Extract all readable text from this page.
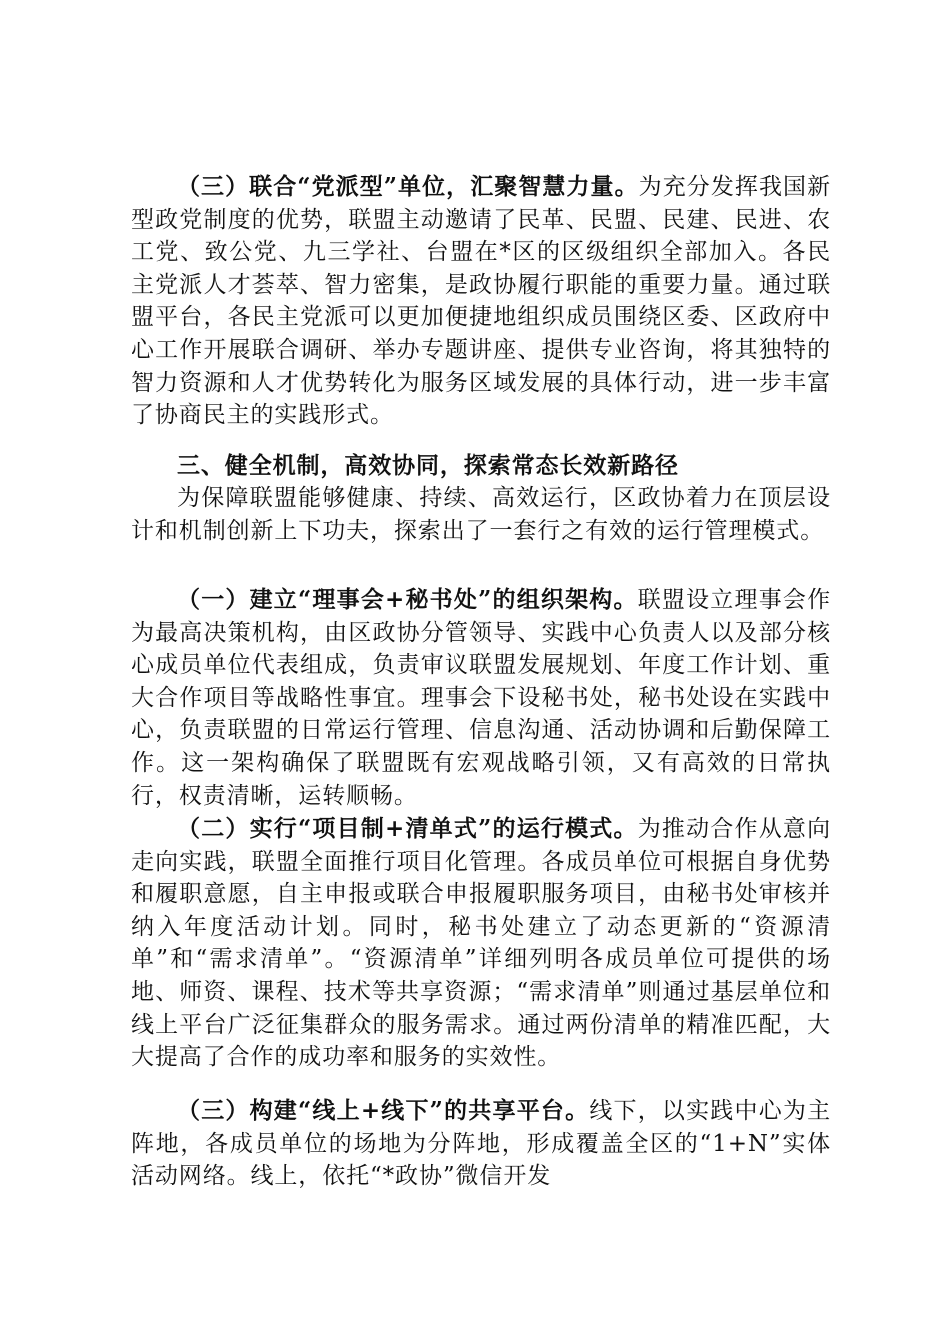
（三）联合“党派型”单位，汇聚智慧力量。为充分发挥我国新型政党制度的优势，联盟主动邀请了民革、民盟、民建、民进、农工党、致公党、九三学社、台盟在*区的区级组织全部加入。各民主党派人才荟萃、智力密集，是政协履行职能的重要力量。通过联盟平台，各民主党派可以更加便捷地组织成员围绕区委、区政府中心工作开展联合调研、举办专题讲座、提供专业咨询，将其独特的智力资源和人才优势转化为服务区域发展的具体行动，进一步丰富了协商民主的实践形式。

三、健全机制，高效协同，探索常态长效新路径

为保障联盟能够健康、持续、高效运行，区政协着力在顶层设计和机制创新上下功夫，探索出了一套行之有效的运行管理模式。

（一）建立“理事会+秘书处”的组织架构。联盟设立理事会作为最高决策机构，由区政协分管领导、实践中心负责人以及部分核心成员单位代表组成，负责审议联盟发展规划、年度工作计划、重大合作项目等战略性事宜。理事会下设秘书处，秘书处设在实践中心，负责联盟的日常运行管理、信息沟通、活动协调和后勤保障工作。这一架构确保了联盟既有宏观战略引领，又有高效的日常执行，权责清晰，运转顺畅。

（二）实行“项目制+清单式”的运行模式。为推动合作从意向走向实践，联盟全面推行项目化管理。各成员单位可根据自身优势和履职意愿，自主申报或联合申报履职服务项目，由秘书处审核并纳入年度活动计划。同时，秘书处建立了动态更新的“资源清单”和“需求清单”。“资源清单”详细列明各成员单位可提供的场地、师资、课程、技术等共享资源；“需求清单”则通过基层单位和线上平台广泛征集群众的服务需求。通过两份清单的精准匹配，大大提高了合作的成功率和服务的实效性。

（三）构建“线上+线下”的共享平台。线下，以实践中心为主阵地，各成员单位的场地为分阵地，形成覆盖全区的“1+N”实体活动网络。线上，依托“*政协”微信开发
